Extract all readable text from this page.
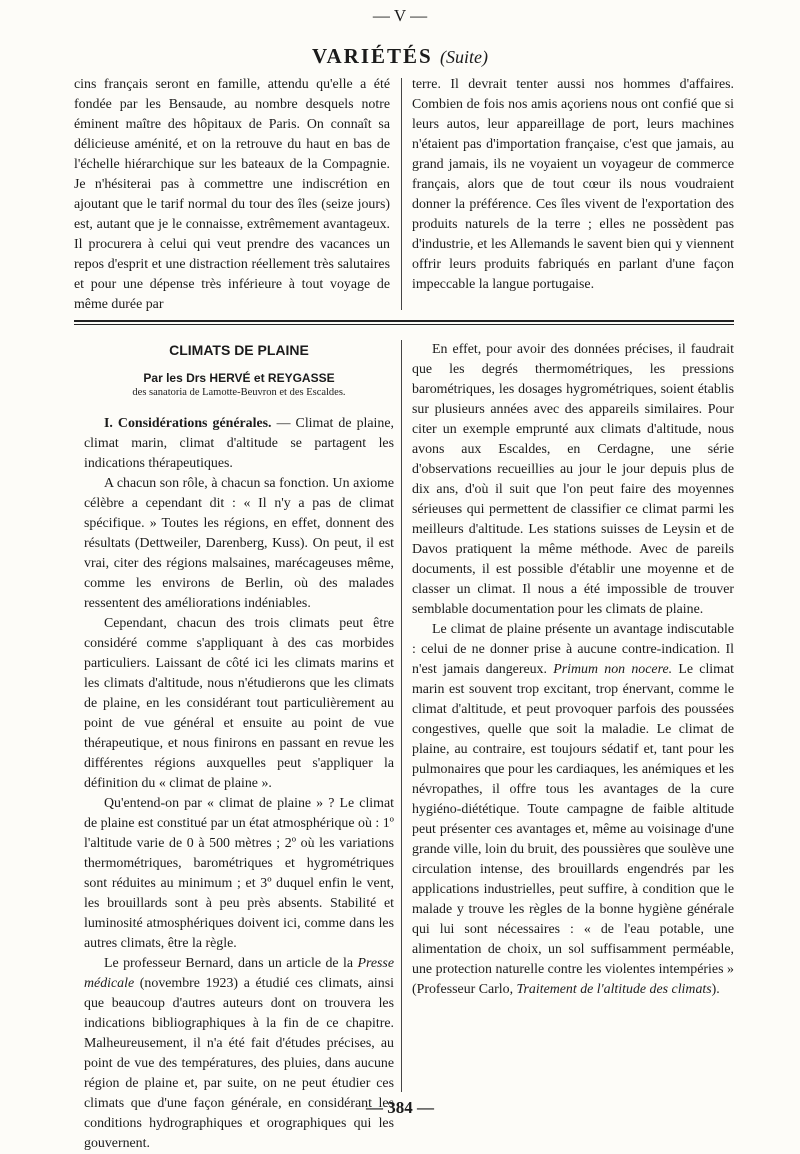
— V —
VARIÉTÉS (Suite)

cins français seront en famille, attendu qu'elle a été fondée par les Bensaude, au nombre desquels notre éminent maître des hôpitaux de Paris. On connaît sa délicieuse aménité, et on la retrouve du haut en bas de l'échelle hiérarchique sur les bateaux de la Compagnie. Je n'hésiterai pas à commettre une indiscrétion en ajoutant que le tarif normal du tour des îles (seize jours) est, autant que je le connaisse, extrêmement avantageux. Il procurera à celui qui veut prendre des vacances un repos d'esprit et une distraction réellement très salutaires et pour une dépense très inférieure à tout voyage de même durée par

terre. Il devrait tenter aussi nos hommes d'affaires. Combien de fois nos amis açoriens nous ont confié que si leurs autos, leur appareillage de port, leurs machines n'étaient pas d'importation française, c'est que jamais, au grand jamais, ils ne voyaient un voyageur de commerce français, alors que de tout cœur ils nous voudraient donner la préférence. Ces îles vivent de l'exportation des produits naturels de la terre ; elles ne possèdent pas d'industrie, et les Allemands le savent bien qui y viennent offrir leurs produits fabriqués en parlant d'une façon impeccable la langue portugaise.

CLIMATS DE PLAINE
Par les Drs HERVÉ et REYGASSE
des sanatoria de Lamotte-Beuvron et des Escaldes.

I. Considérations générales. — Climat de plaine, climat marin, climat d'altitude se partagent les indications thérapeutiques.

A chacun son rôle, à chacun sa fonction. Un axiome célèbre a cependant dit : « Il n'y a pas de climat spécifique. » Toutes les régions, en effet, donnent des résultats (Dettweiler, Darenberg, Kuss). On peut, il est vrai, citer des régions malsaines, marécageuses même, comme les environs de Berlin, où des malades ressentent des améliorations indéniables.

Cependant, chacun des trois climats peut être considéré comme s'appliquant à des cas morbides particuliers. Laissant de côté ici les climats marins et les climats d'altitude, nous n'étudierons que les climats de plaine, en les considérant tout particulièrement au point de vue général et ensuite au point de vue thérapeutique, et nous finirons en passant en revue les différentes régions auxquelles peut s'appliquer la définition du « climat de plaine ».

Qu'entend-on par « climat de plaine » ? Le climat de plaine est constitué par un état atmosphérique où : 1º l'altitude varie de 0 à 500 mètres ; 2º où les variations thermométriques, barométriques et hygrométriques sont réduites au minimum ; et 3º duquel enfin le vent, les brouillards sont à peu près absents. Stabilité et luminosité atmosphériques doivent ici, comme dans les autres climats, être la règle.

Le professeur Bernard, dans un article de la Presse médicale (novembre 1923) a étudié ces climats, ainsi que beaucoup d'autres auteurs dont on trouvera les indications bibliographiques à la fin de ce chapitre. Malheureusement, il n'a été fait d'études précises, au point de vue des températures, des pluies, dans aucune région de plaine et, par suite, on ne peut étudier ces climats que d'une façon générale, en considérant les conditions hydrographiques et orographiques qui les gouvernent.

En effet, pour avoir des données précises, il faudrait que les degrés thermométriques, les pressions barométriques, les dosages hygrométriques, soient établis sur plusieurs années avec des appareils similaires. Pour citer un exemple emprunté aux climats d'altitude, nous avons aux Escaldes, en Cerdagne, une série d'observations recueillies au jour le jour depuis plus de dix ans, d'où il suit que l'on peut faire des moyennes sérieuses qui permettent de classifier ce climat parmi les meilleurs d'altitude. Les stations suisses de Leysin et de Davos pratiquent la même méthode. Avec de pareils documents, il est possible d'établir une moyenne et de classer un climat. Il nous a été impossible de trouver semblable documentation pour les climats de plaine.

Le climat de plaine présente un avantage indiscutable : celui de ne donner prise à aucune contre-indication. Il n'est jamais dangereux. Primum non nocere. Le climat marin est souvent trop excitant, trop énervant, comme le climat d'altitude, et peut provoquer parfois des poussées congestives, quelle que soit la maladie. Le climat de plaine, au contraire, est toujours sédatif et, tant pour les pulmonaires que pour les cardiaques, les anémiques et les névropathes, il offre tous les avantages de la cure hygiéno-diététique. Toute campagne de faible altitude peut présenter ces avantages et, même au voisinage d'une grande ville, loin du bruit, des poussières que soulève une circulation intense, des brouillards engendrés par les applications industrielles, peut suffire, à condition que le malade y trouve les règles de la bonne hygiène générale qui lui sont nécessaires : « de l'eau potable, une alimentation de choix, un sol suffisamment perméable, une protection naturelle contre les violentes intempéries » (Professeur Carlo, Traitement de l'altitude des climats).

— 384 —
